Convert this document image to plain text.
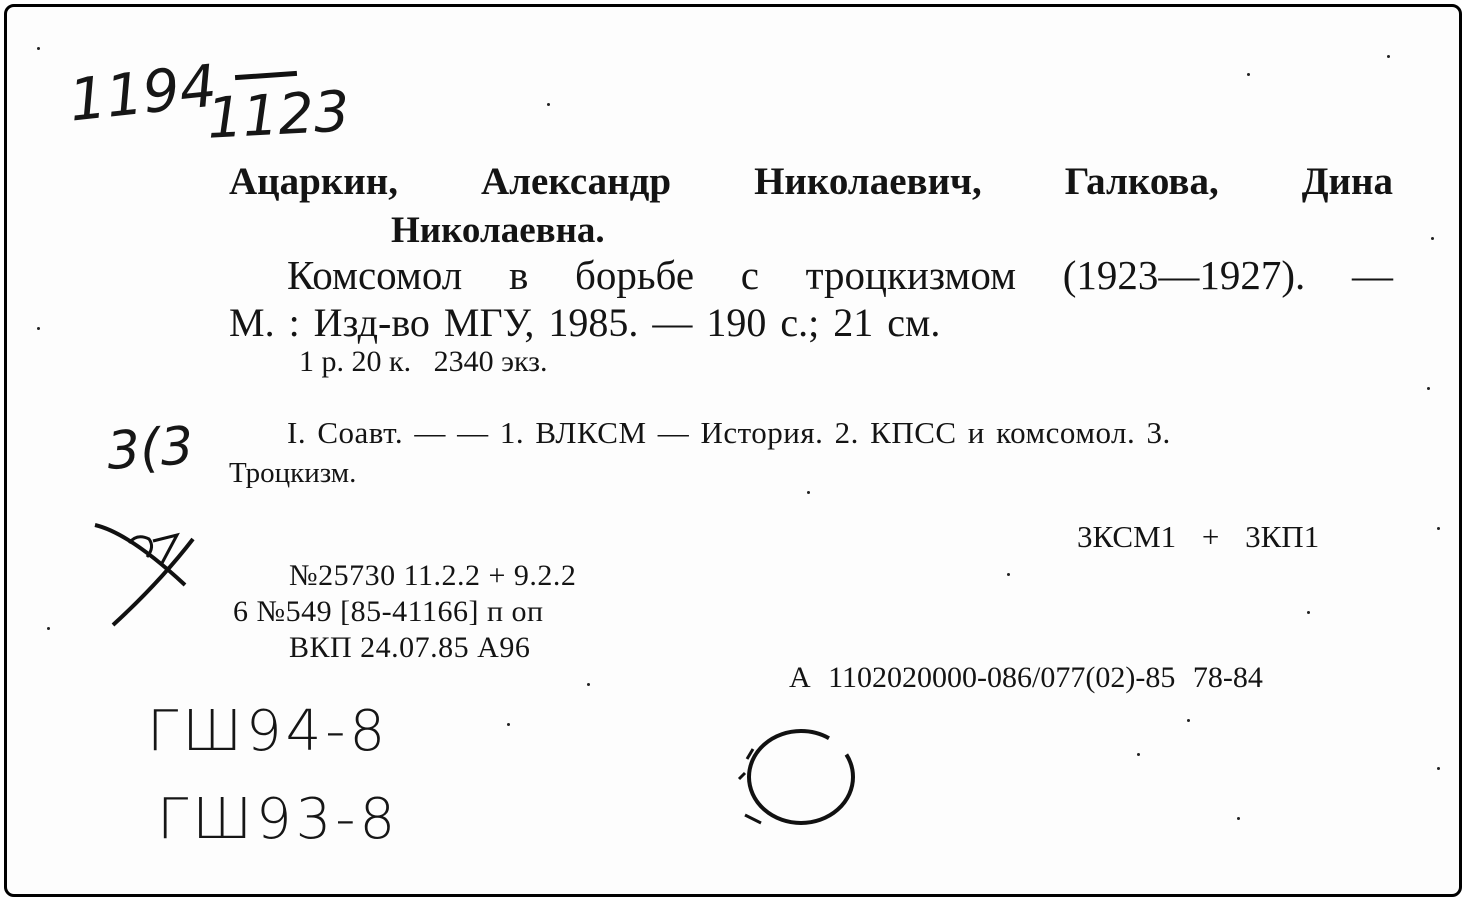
1194
1123
Ацаркин, Александр Николаевич, Галкова, Дина
Николаевна.
Комсомол в борьбе с троцкизмом (1923—1927). —
М. : Изд-во МГУ, 1985. — 190 с.; 21 см.
1 р. 20 к.   2340 экз.
3(3	I. Соавт. — — 1. ВЛКСМ — История. 2. КПСС и комсомол. 3.
Троцкизм.
3КСМ1 + 3КП1
№25730 11.2.2 + 9.2.2
6 №549 [85-41166] п оп
ВКП 24.07.85 А96
А 1102020000-086/077(02)-85 78-84
ГШ94-8
ГШ93-8
